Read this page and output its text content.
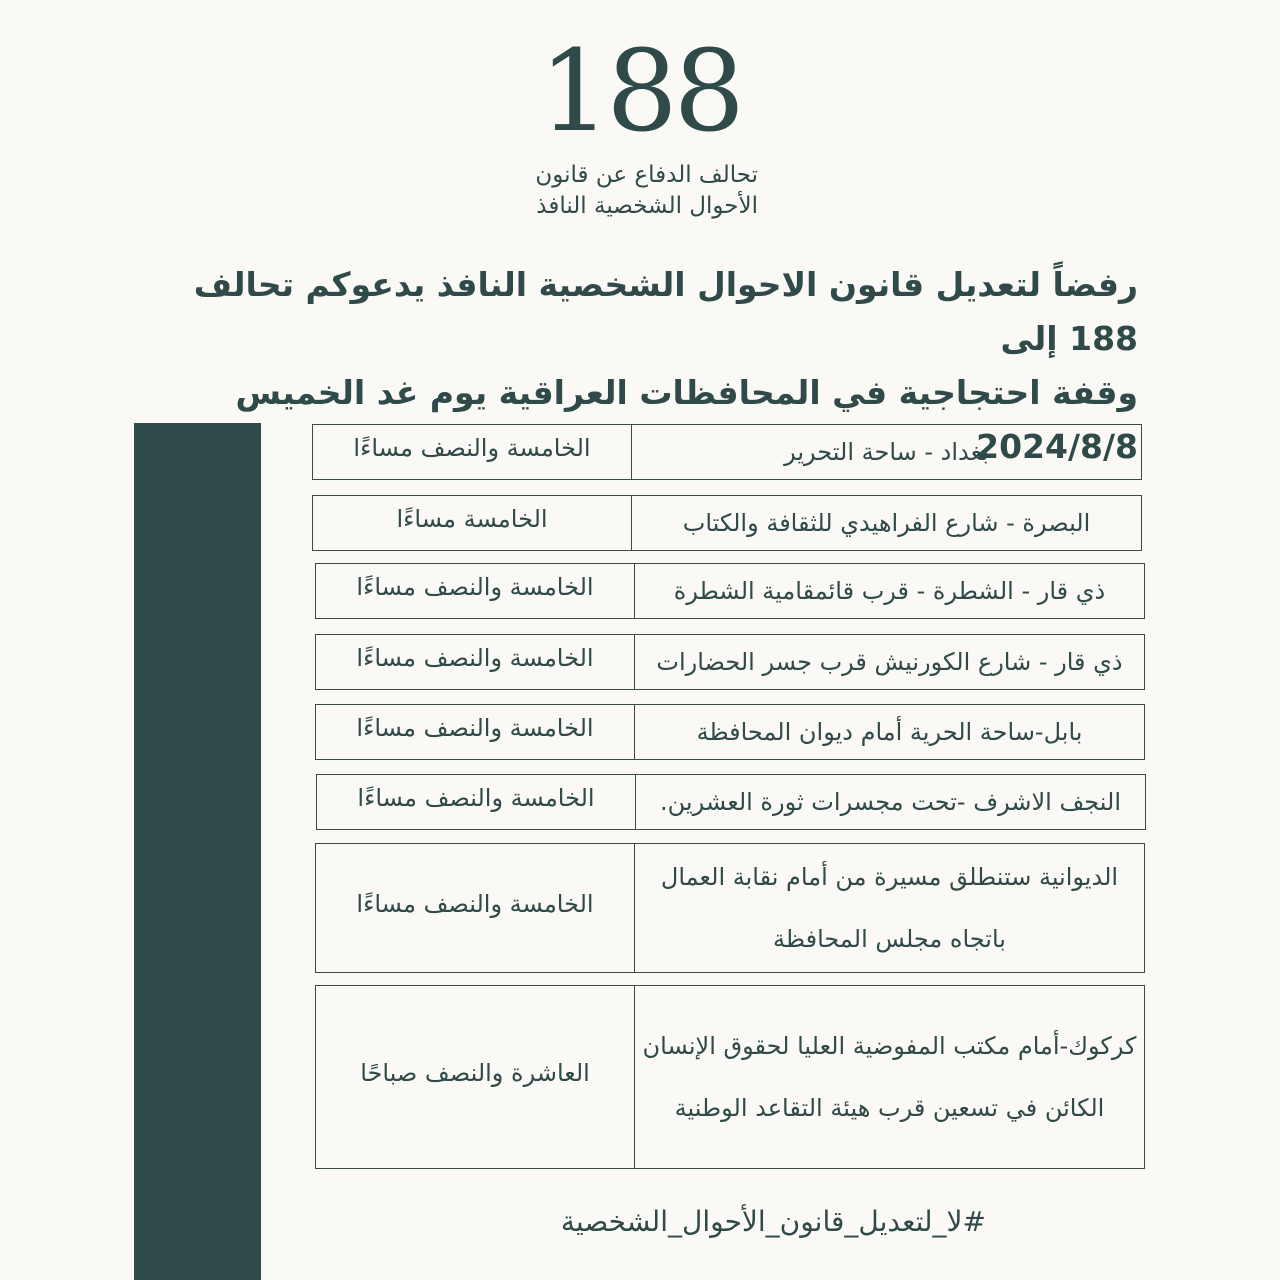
188
تحالف الدفاع عن قانون
الأحوال الشخصية النافذ
رفضاً لتعديل قانون الاحوال الشخصية النافذ يدعوكم تحالف 188 إلى
وقفة احتجاجية في المحافظات العراقية يوم غد الخميس 2024/8/8
بغداد - ساحة التحرير
الخامسة والنصف مساءًا
البصرة - شارع الفراهيدي للثقافة والكتاب
الخامسة مساءًا
ذي قار - الشطرة - قرب قائمقامية الشطرة
الخامسة والنصف مساءًا
ذي قار - شارع الكورنيش قرب جسر الحضارات
الخامسة والنصف مساءًا
بابل-ساحة الحرية أمام ديوان المحافظة
الخامسة والنصف مساءًا
النجف الاشرف -تحت مجسرات ثورة العشرين.
الخامسة والنصف مساءًا
الديوانية ستنطلق مسيرة من أمام نقابة العمال باتجاه مجلس المحافظة
الخامسة والنصف مساءًا
كركوك-أمام مكتب المفوضية العليا لحقوق الإنسان الكائن في تسعين قرب هيئة التقاعد الوطنية
العاشرة والنصف صباحًا
#لا_لتعديل_قانون_الأحوال_الشخصية
